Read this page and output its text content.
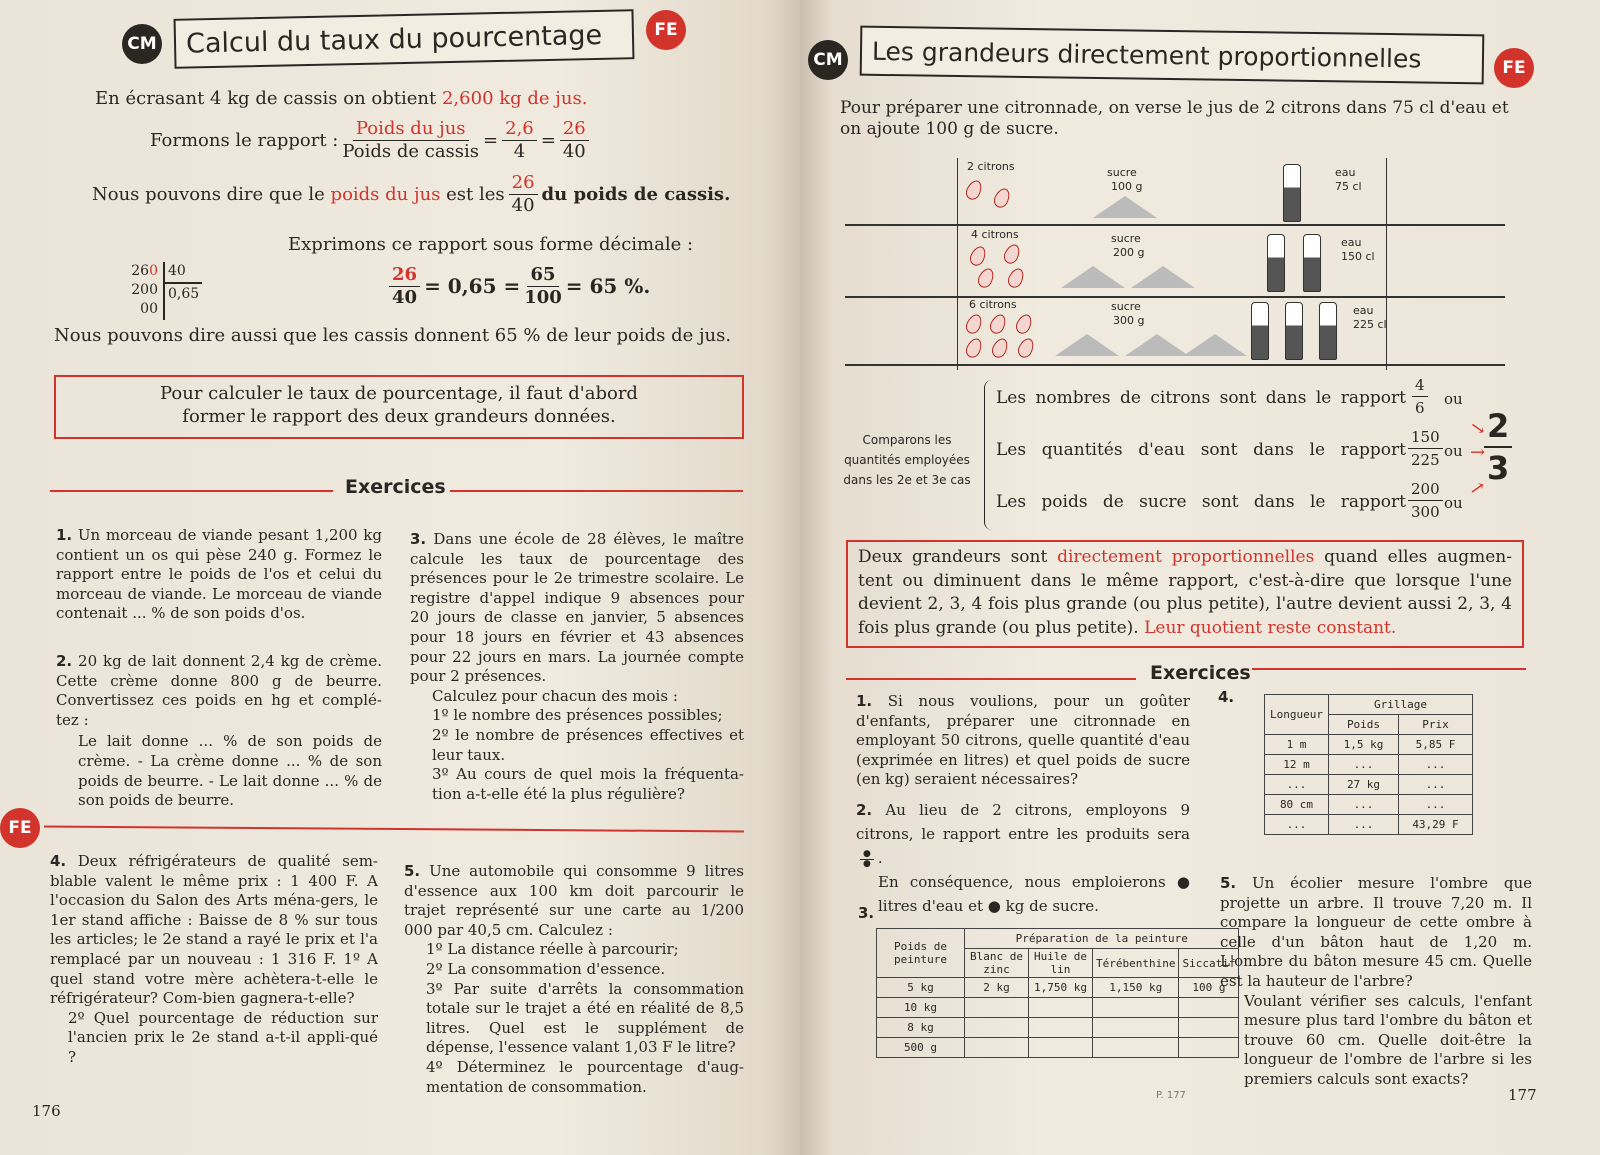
CM	Calcul du taux du pourcentage	FE
En écrasant 4 kg de cassis on obtient 2,600 kg de jus.
Formons le rapport : $\frac{\text{Poids du jus}}{\text{Poids de cassis}} = \frac{2,6}{4} = \frac{26}{40}$
Nous pouvons dire que le
poids du jus
est les $\frac{26}{40}$ du poids de cassis.
Exprimons ce rapport sous forme décimale :
260
200
00
40
0,65	$\frac{26}{40} = 0,65 = \frac{65}{100} = 65$ %.
Nous pouvons dire aussi que les cassis donnent 65 % de leur poids de jus.
Pour calculer le taux de pourcentage, il faut d'abord
former le rapport des deux grandeurs données.
Exercices
1. Un morceau de viande pesant 1,200 kg contient un os qui pèse 240 g. Formez le rapport entre le poids de l'os et celui du morceau de viande. Le morceau de viande contenait ... % de son poids d'os.
2. 20 kg de lait donnent 2,4 kg de crème. Cette crème donne 800 g de beurre. Convertissez ces poids en hg et complé-tez :
Le lait donne ... % de son poids de crème. - La crème donne ... % de son poids de beurre. - Le lait donne ... % de son poids de beurre.
3. Dans une école de 28 élèves, le maître calcule les taux de pourcentage des présences pour le 2e trimestre scolaire. Le registre d'appel indique 9 absences pour 20 jours de classe en janvier, 5 absences pour 18 jours en février et 43 absences pour 22 jours en mars. La journée compte pour 2 présences.
Calculez pour chacun des mois :
1º le nombre des présences possibles;
2º le nombre de présences effectives et leur taux.
3º Au cours de quel mois la fréquenta-tion a-t-elle été la plus régulière?
FE
4. Deux réfrigérateurs de qualité sem-blable valent le même prix : 1 400 F. A l'occasion du Salon des Arts ména-gers, le 1er stand affiche : Baisse de 8 % sur tous les articles; le 2e stand a rayé le prix et l'a remplacé par un nouveau : 1 316 F. 1º A quel stand votre mère achètera-t-elle le réfrigérateur? Com-bien gagnera-t-elle?
2º Quel pourcentage de réduction sur l'ancien prix le 2e stand a-t-il appli-qué ?
5. Une automobile qui consomme 9 litres d'essence aux 100 km doit parcourir le trajet représenté sur une carte au 1/200 000 par 40,5 cm. Calculez :
1º La distance réelle à parcourir;
2º La consommation d'essence.
3º Par suite d'arrêts la consommation totale sur le trajet a été en réalité de 8,5 litres. Quel est le supplément de dépense, l'essence valant 1,03 F le litre?
4º Déterminez le pourcentage d'aug-mentation de consommation.
176
CM	Les grandeurs directement proportionnelles	FE
Pour préparer une citronnade, on verse le jus de 2 citrons dans 75 cl d'eau et on ajoute 100 g de sucre.
2 citrons	sucre
100 g
eau
75 cl
4 citrons	sucre
200 g
eau
150 cl
6 citrons	sucre
300 g
eau
225 cl
Comparons les
quantités employées
dans les 2e et 3e cas
Les nombres de citrons sont dans le rapport $\frac{4}{6}$ ou
Les quantités d'eau sont dans le rapport $\frac{150}{225}$ ou
Les poids de sucre sont dans le rapport $\frac{200}{300}$ ou
→
→
→
$\frac{2}{3}$
Deux grandeurs sont directement proportionnelles quand elles augmen-tent ou diminuent dans le même rapport, c'est-à-dire que lorsque l'une devient 2, 3, 4 fois plus grande (ou plus petite), l'autre devient aussi 2, 3, 4 fois plus grande (ou plus petite). Leur quotient reste constant.
Exercices
1. Si nous voulions, pour un goûter d'enfants, préparer une citronnade en employant 50 citrons, quelle quantité d'eau (exprimée en litres) et quel poids de sucre (en kg) seraient nécessaires?
2. Au lieu de 2 citrons, employons 9 citrons, le rapport entre les produits sera
$\frac{●}{●}$ .
En conséquence, nous emploierons ● litres d'eau et ● kg de sucre.
3.
Poids de peinture	Préparation de la peinture			
	Blanc de zinc	Huile de lin	Térébenthine	Siccatif
5 kg	2 kg	1,750 kg	1,150 kg	100 g
10 kg				
8 kg				
500 g				
P. 177
4.
Longueur	Grillage	
	Poids	Prix
1 m	1,5 kg	5,85 F
12 m	...	...
...	27 kg	...
80 cm	...	...
...	...	43,29 F
5. Un écolier mesure l'ombre que projette un arbre. Il trouve 7,20 m. Il compare la longueur de cette ombre à celle d'un bâton haut de 1,20 m. L'ombre du bâton mesure 45 cm. Quelle est la hauteur de l'arbre?
Voulant vérifier ses calculs, l'enfant mesure plus tard l'ombre du bâton et trouve 60 cm. Quelle doit-être la longueur de l'ombre de l'arbre si les premiers calculs sont exacts?
177
